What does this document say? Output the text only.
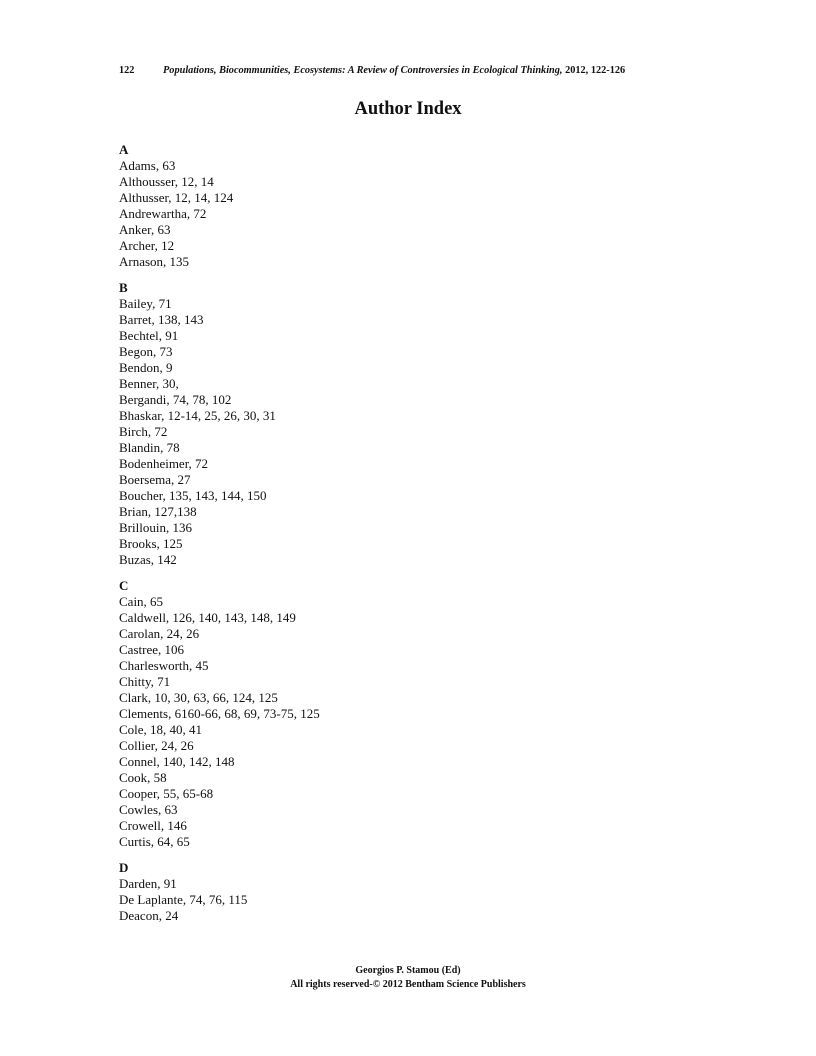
122	Populations, Biocommunities, Ecosystems: A Review of Controversies in Ecological Thinking, 2012, 122-126
Author Index
A
Adams, 63
Althousser, 12, 14
Althusser, 12, 14, 124
Andrewartha, 72
Anker, 63
Archer, 12
Arnason, 135
B
Bailey, 71
Barret, 138, 143
Bechtel, 91
Begon, 73
Bendon, 9
Benner, 30,
Bergandi, 74, 78, 102
Bhaskar, 12-14, 25, 26, 30, 31
Birch, 72
Blandin, 78
Bodenheimer, 72
Boersema, 27
Boucher, 135, 143, 144, 150
Brian, 127,138
Brillouin, 136
Brooks, 125
Buzas, 142
C
Cain, 65
Caldwell, 126, 140, 143, 148, 149
Carolan, 24, 26
Castree, 106
Charlesworth, 45
Chitty, 71
Clark, 10, 30, 63, 66, 124, 125
Clements, 6160-66, 68, 69, 73-75, 125
Cole, 18, 40, 41
Collier, 24, 26
Connel, 140, 142, 148
Cook, 58
Cooper, 55, 65-68
Cowles, 63
Crowell, 146
Curtis, 64, 65
D
Darden, 91
De Laplante, 74, 76, 115
Deacon, 24
Georgios P. Stamou (Ed)
All rights reserved-© 2012 Bentham Science Publishers
